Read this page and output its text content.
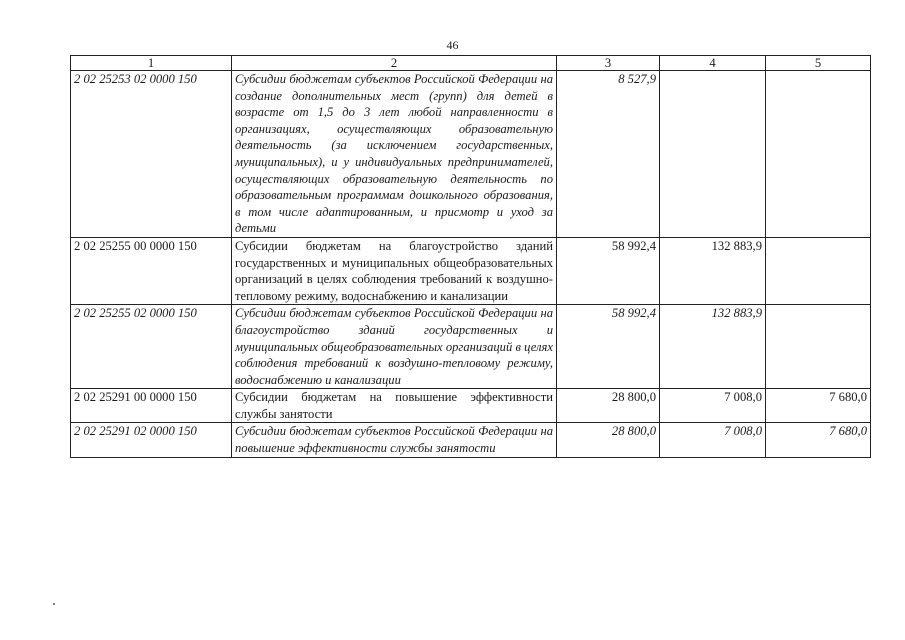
46
1	2	3	4	5
2 02 25253 02 0000 150	Субсидии бюджетам субъектов Российской Федерации на создание дополнительных мест (групп) для детей в возрасте от 1,5 до 3 лет любой направленности в организациях, осуществляющих образовательную деятельность (за исключением государственных, муниципальных), и у индивидуальных предпринимателей, осуществляющих образовательную деятельность по образовательным программам дошкольного образования, в том числе адаптированным, и присмотр и уход за детьми	8 527,9		
2 02 25255 00 0000 150	Субсидии бюджетам на благоустройство зданий государственных и муниципальных общеобразовательных организаций в целях соблюдения требований к воздушно-тепловому режиму, водоснабжению и канализации	58 992,4	132 883,9	
2 02 25255 02 0000 150	Субсидии бюджетам субъектов Российской Федерации на благоустройство зданий государственных и муниципальных общеобразовательных организаций в целях соблюдения требований к воздушно-тепловому режиму, водоснабжению и канализации	58 992,4	132 883,9	
2 02 25291 00 0000 150	Субсидии бюджетам на повышение эффективности службы занятости	28 800,0	7 008,0	7 680,0
2 02 25291 02 0000 150	Субсидии бюджетам субъектов Российской Федерации на повышение эффективности службы занятости	28 800,0	7 008,0	7 680,0
